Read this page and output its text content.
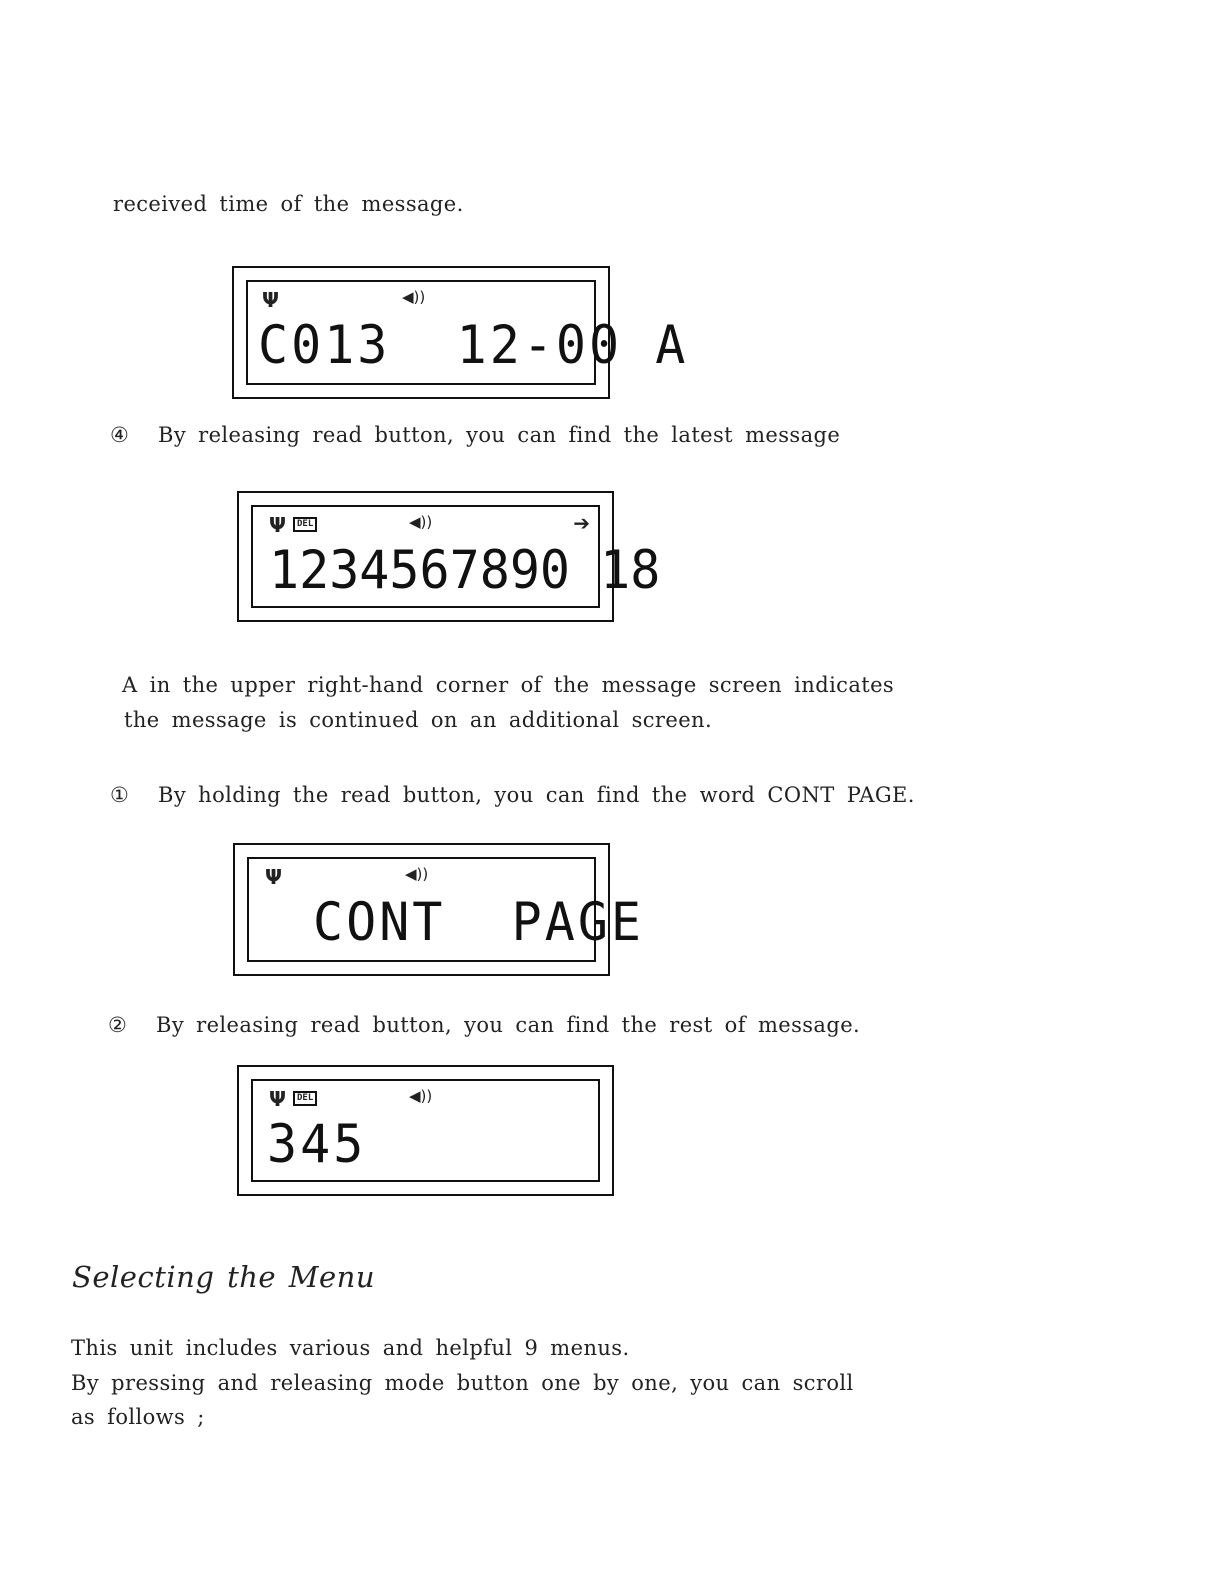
received time of the message.
Ψ	◀))
C013  12-00 A
④ By releasing read button, you can find the latest message
Ψ	DEL	◀))	➔
1234567890 18
A in the upper right-hand corner of the message screen indicates
the message is continued on an additional screen.
① By holding the read button, you can find the word CONT PAGE.
Ψ	◀))
CONT  PAGE
② By releasing read button, you can find the rest of message.
Ψ	DEL	◀))
345
Selecting the Menu
This unit includes various and helpful 9 menus.
By pressing and releasing mode button one by one, you can scroll
as follows ;
